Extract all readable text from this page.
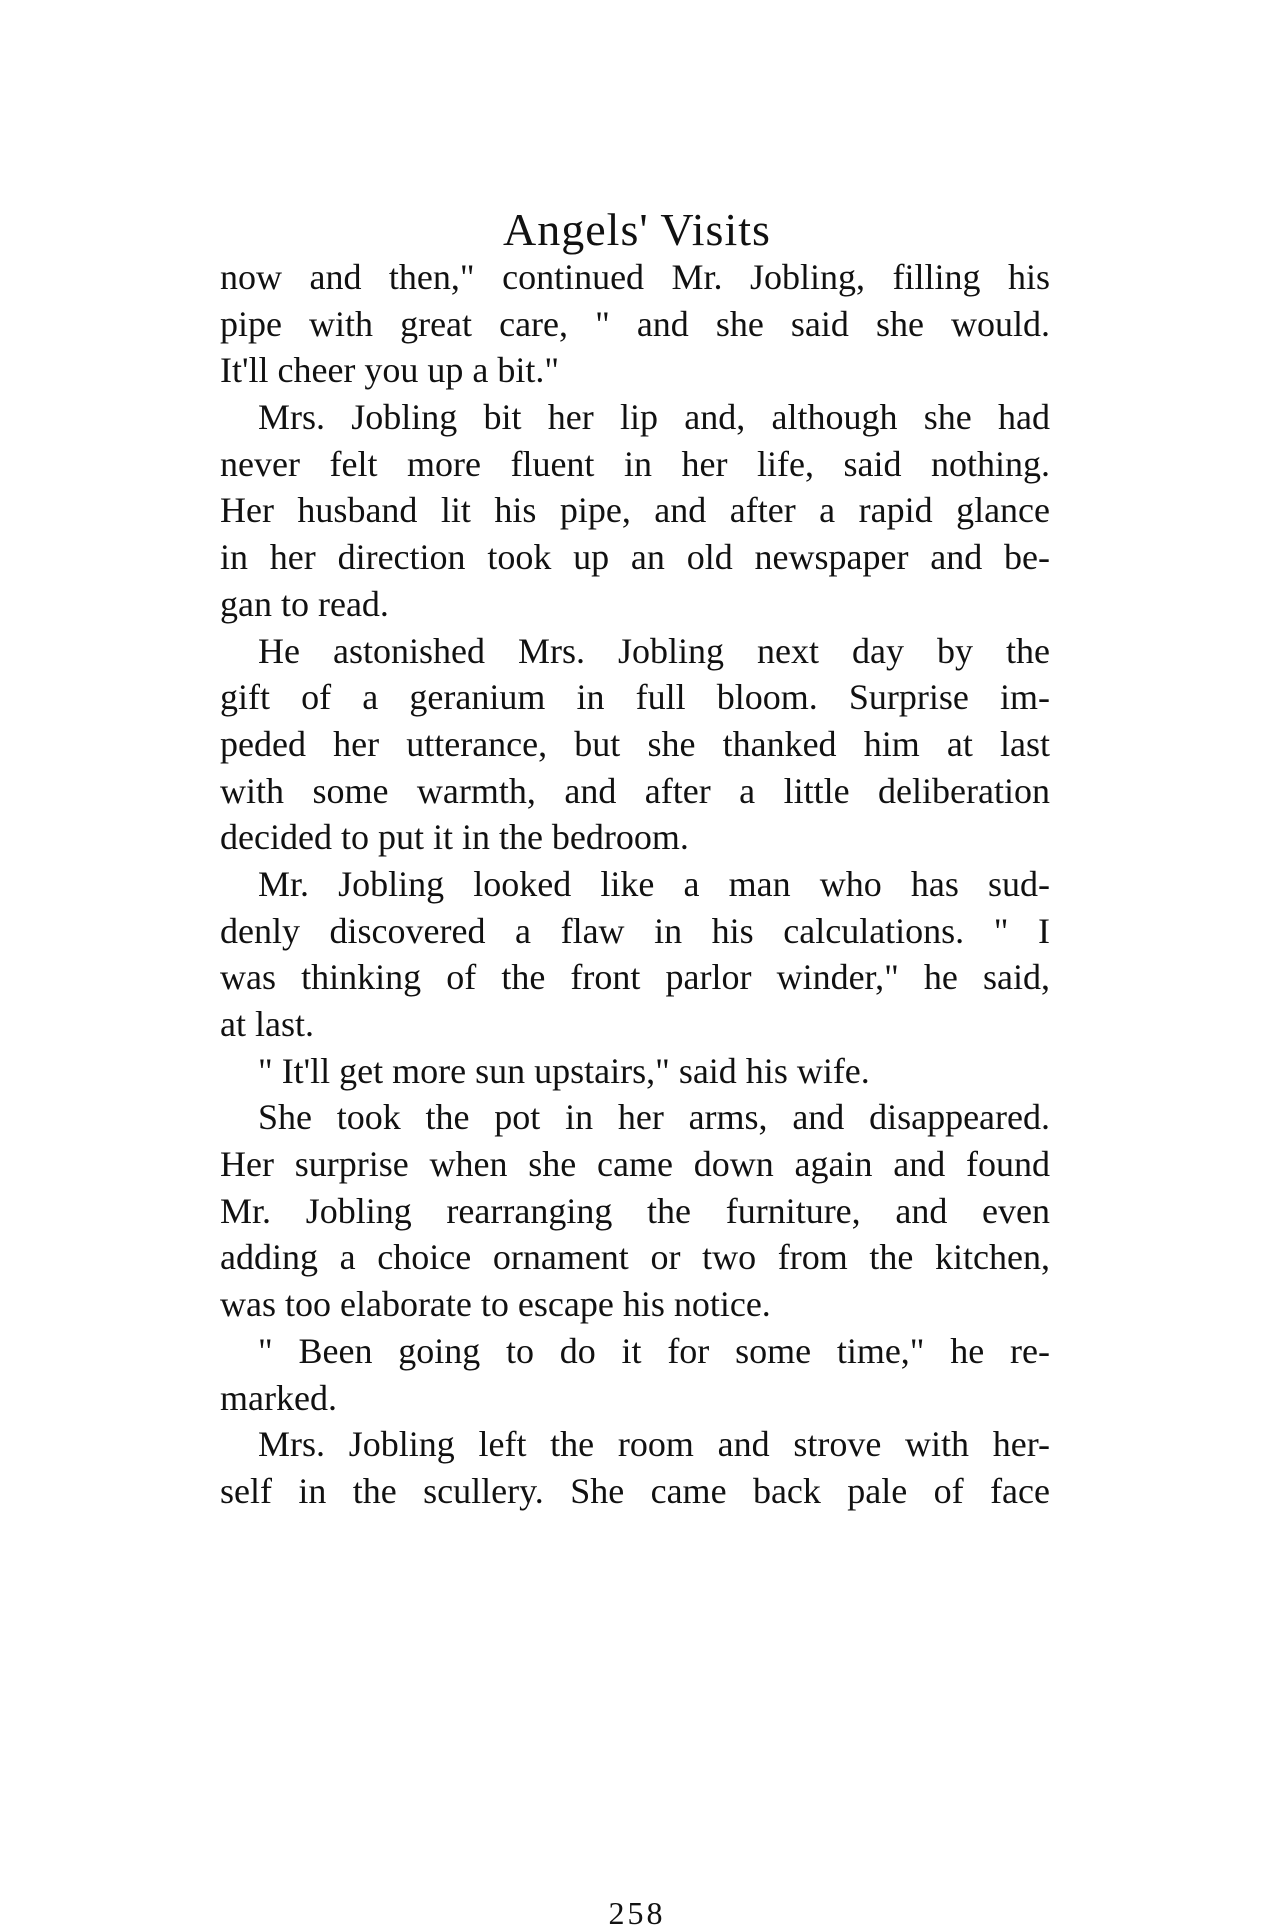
Angels' Visits
now and then," continued Mr. Jobling, filling his
pipe with great care, " and she said she would.
It'll cheer you up a bit."
Mrs. Jobling bit her lip and, although she had
never felt more fluent in her life, said nothing.
Her husband lit his pipe, and after a rapid glance
in her direction took up an old newspaper and be-
gan to read.
He astonished Mrs. Jobling next day by the
gift of a geranium in full bloom. Surprise im-
peded her utterance, but she thanked him at last
with some warmth, and after a little deliberation
decided to put it in the bedroom.
Mr. Jobling looked like a man who has sud-
denly discovered a flaw in his calculations. " I
was thinking of the front parlor winder," he said,
at last.
" It'll get more sun upstairs," said his wife.
She took the pot in her arms, and disappeared.
Her surprise when she came down again and found
Mr. Jobling rearranging the furniture, and even
adding a choice ornament or two from the kitchen,
was too elaborate to escape his notice.
" Been going to do it for some time," he re-
marked.
Mrs. Jobling left the room and strove with her-
self in the scullery. She came back pale of face
258
